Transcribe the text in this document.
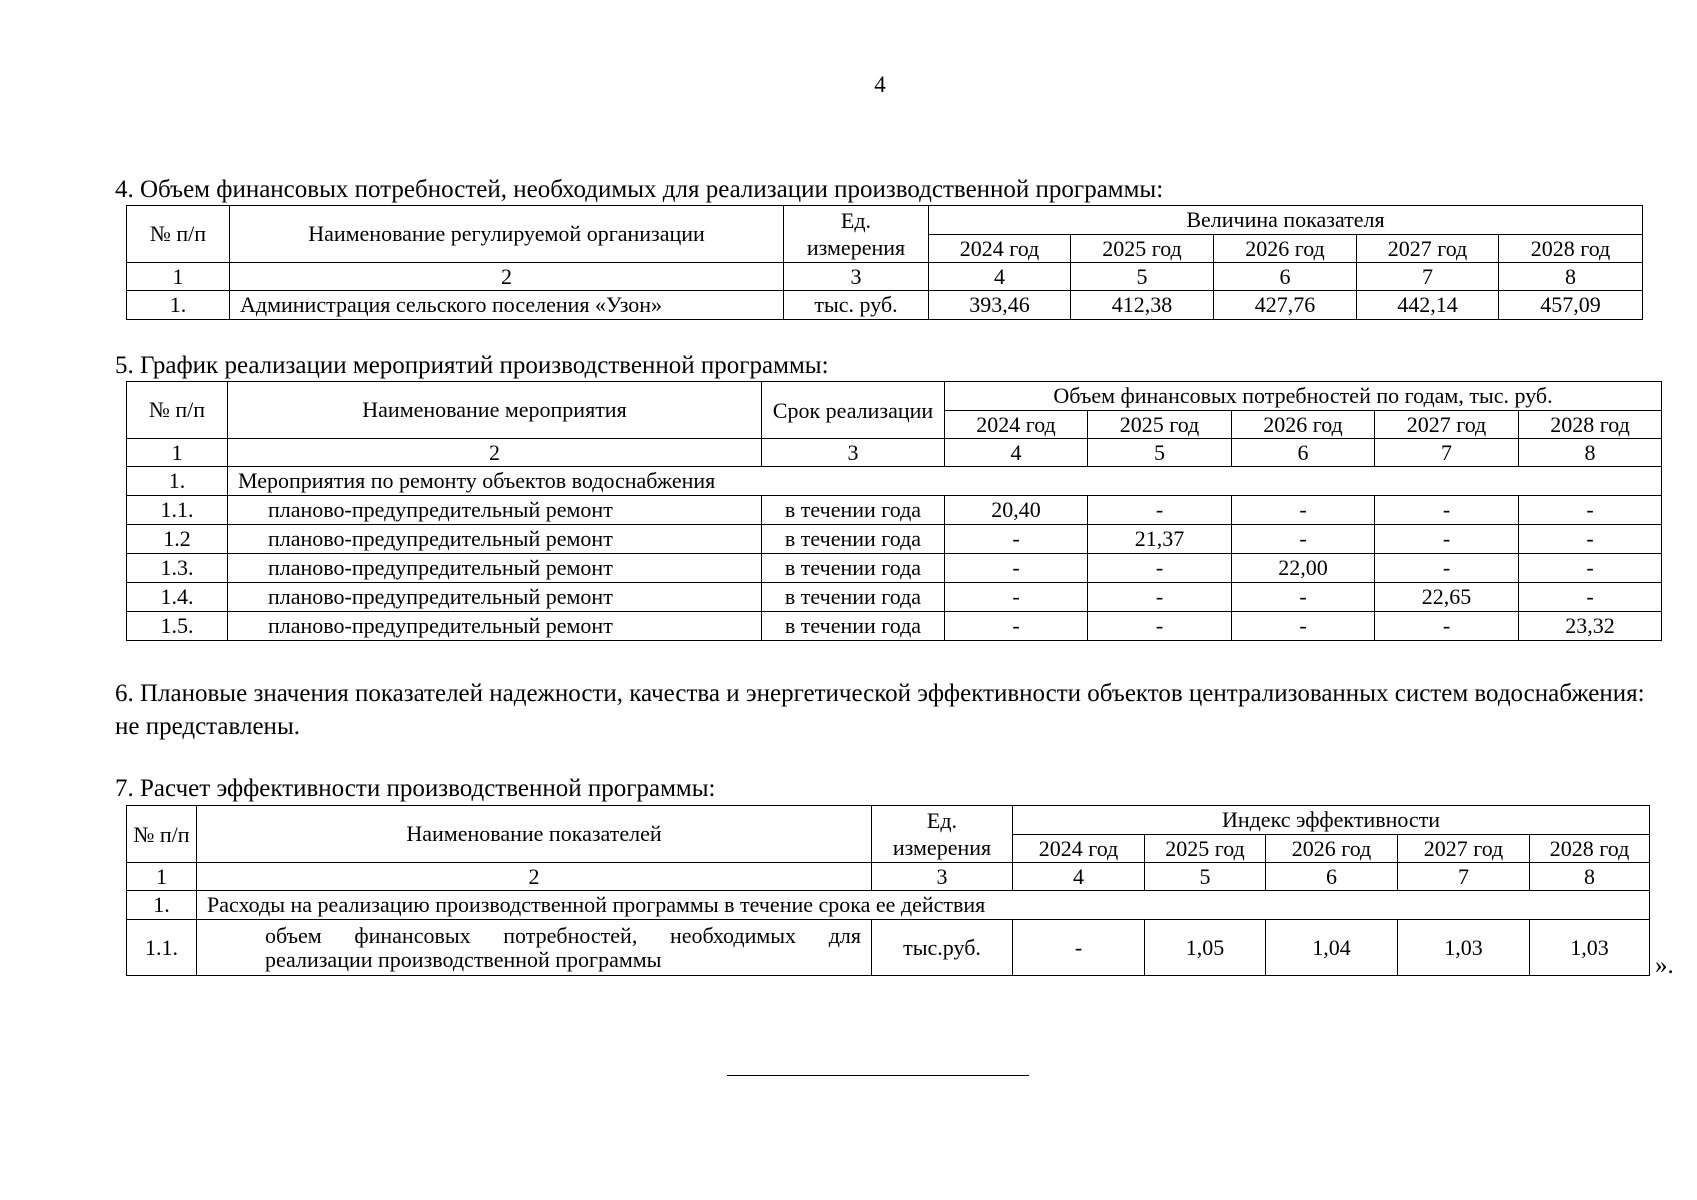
4
4. Объем финансовых потребностей, необходимых для реализации производственной программы:
№ п/п	Наименование регулируемой организации	Ед. измерения	Величина показателя				
			2024 год	2025 год	2026 год	2027 год	2028 год
1	2	3	4	5	6	7	8
1.	Администрация сельского поселения «Узон»	тыс. руб.	393,46	412,38	427,76	442,14	457,09
5. График реализации мероприятий производственной программы:
№ п/п	Наименование мероприятия	Срок реализации	Объем финансовых потребностей по годам, тыс. руб.				
			2024 год	2025 год	2026 год	2027 год	2028 год
1	2	3	4	5	6	7	8
1.	Мероприятия по ремонту объектов водоснабжения						
1.1.	планово-предупредительный ремонт	в течении года	20,40	-	-	-	-
1.2	планово-предупредительный ремонт	в течении года	-	21,37	-	-	-
1.3.	планово-предупредительный ремонт	в течении года	-	-	22,00	-	-
1.4.	планово-предупредительный ремонт	в течении года	-	-	-	22,65	-
1.5.	планово-предупредительный ремонт	в течении года	-	-	-	-	23,32
6. Плановые значения показателей надежности, качества и энергетической эффективности объектов централизованных систем водоснабжения: не представлены.
7. Расчет эффективности производственной программы:
№ п/п	Наименование показателей	Ед. измерения	Индекс эффективности				
			2024 год	2025 год	2026 год	2027 год	2028 год
1	2	3	4	5	6	7	8
1.	Расходы на реализацию производственной программы в течение срока ее действия						
1.1.	объем финансовых потребностей, необходимых для реализации производственной программы	тыс.руб.	-	1,05	1,04	1,03	1,03
».
